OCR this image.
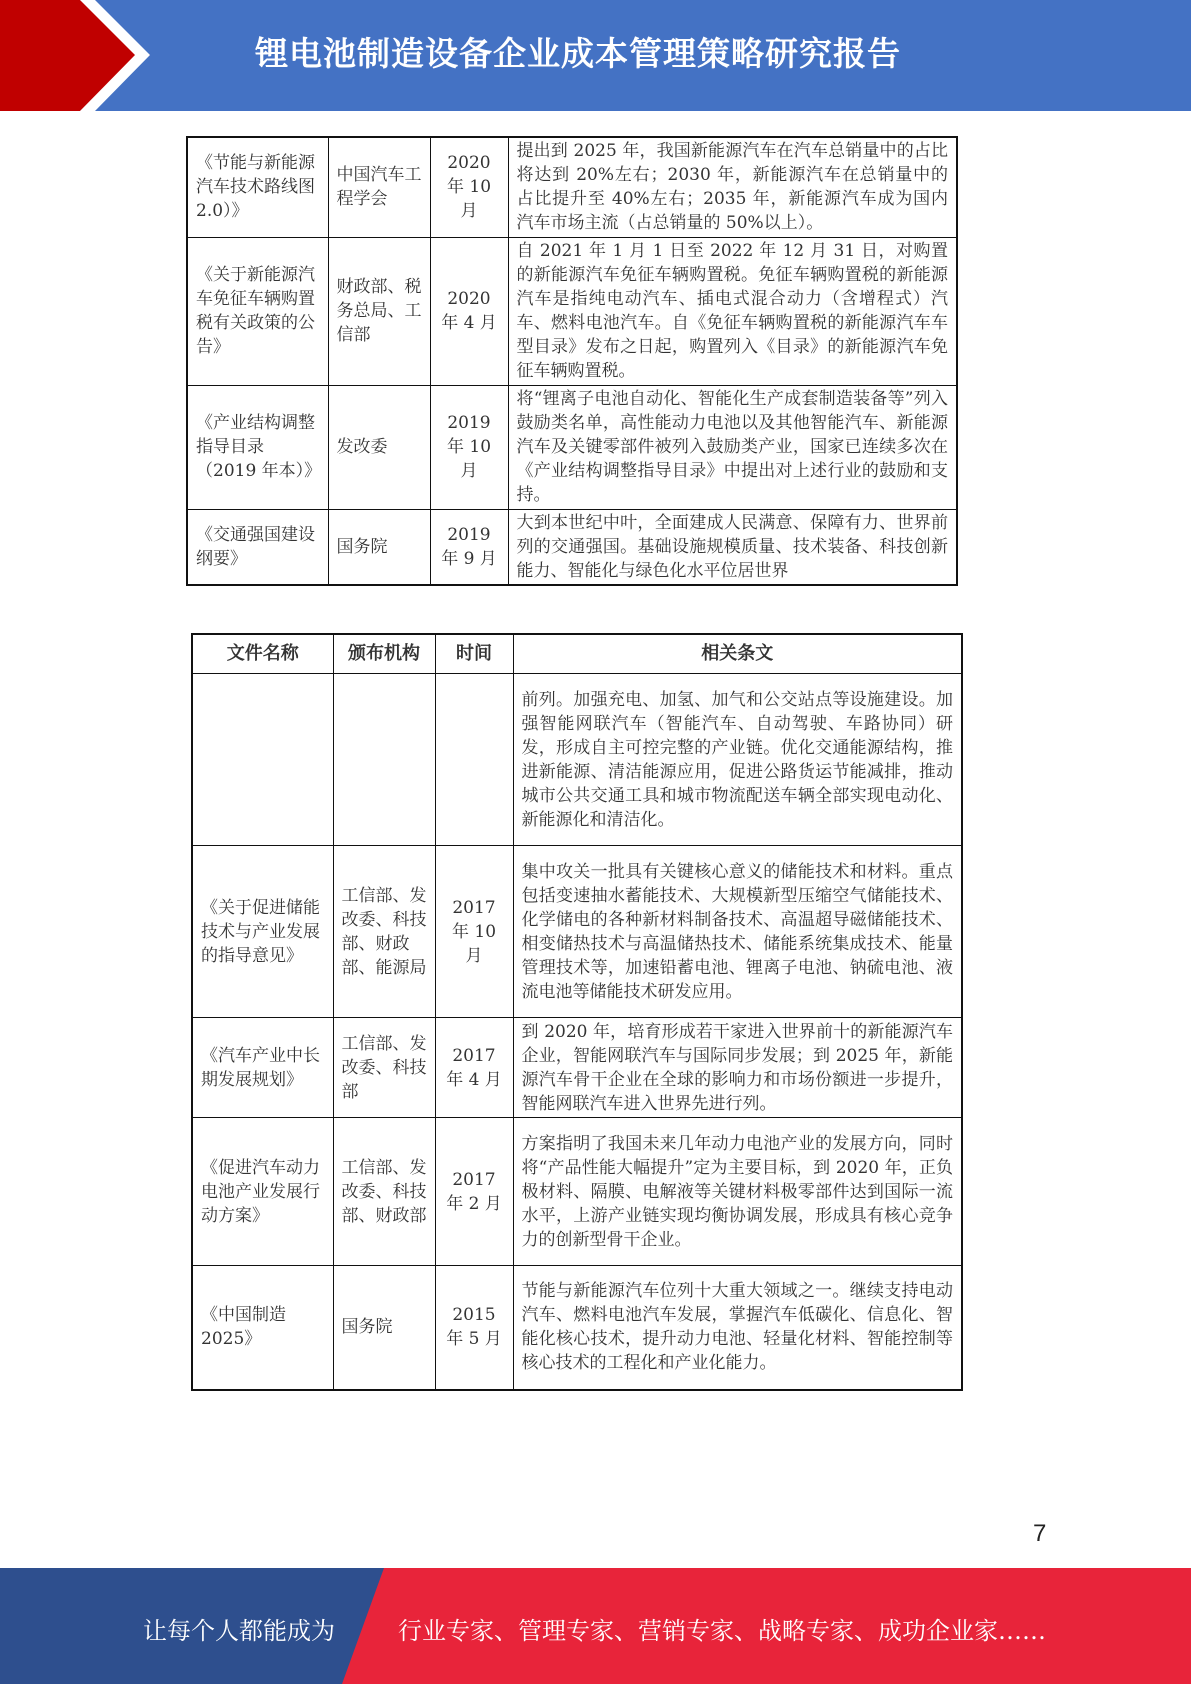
锂电池制造设备企业成本管理策略研究报告
《节能与新能源汽车技术路线图 2.0）》	中国汽车工程学会	2020 年 10 月	提出到 2025 年，我国新能源汽车在汽车总销量中的占比将达到 20%左右；2030 年，新能源汽车在总销量中的占比提升至 40%左右；2035 年，新能源汽车成为国内汽车市场主流（占总销量的 50%以上）。
《关于新能源汽车免征车辆购置税有关政策的公告》	财政部、税务总局、工信部	2020 年 4 月	自 2021 年 1 月 1 日至 2022 年 12 月 31 日，对购置的新能源汽车免征车辆购置税。免征车辆购置税的新能源汽车是指纯电动汽车、插电式混合动力（含增程式）汽车、燃料电池汽车。自《免征车辆购置税的新能源汽车车型目录》发布之日起，购置列入《目录》的新能源汽车免征车辆购置税。
《产业结构调整指导目录（2019 年本）》	发改委	2019 年 10 月	将“锂离子电池自动化、智能化生产成套制造装备等”列入鼓励类名单，高性能动力电池以及其他智能汽车、新能源汽车及关键零部件被列入鼓励类产业，国家已连续多次在《产业结构调整指导目录》中提出对上述行业的鼓励和支持。
《交通强国建设纲要》	国务院	2019 年 9 月	大到本世纪中叶，全面建成人民满意、保障有力、世界前列的交通强国。基础设施规模质量、技术装备、科技创新能力、智能化与绿色化水平位居世界
文件名称	颁布机构	时间	相关条文
			前列。加强充电、加氢、加气和公交站点等设施建设。加强智能网联汽车（智能汽车、自动驾驶、车路协同）研发，形成自主可控完整的产业链。优化交通能源结构，推进新能源、清洁能源应用，促进公路货运节能减排，推动城市公共交通工具和城市物流配送车辆全部实现电动化、新能源化和清洁化。
《关于促进储能技术与产业发展的指导意见》	工信部、发改委、科技部、财政部、能源局	2017 年 10 月	集中攻关一批具有关键核心意义的储能技术和材料。重点包括变速抽水蓄能技术、大规模新型压缩空气储能技术、化学储电的各种新材料制备技术、高温超导磁储能技术、相变储热技术与高温储热技术、储能系统集成技术、能量管理技术等，加速铅蓄电池、锂离子电池、钠硫电池、液流电池等储能技术研发应用。
《汽车产业中长期发展规划》	工信部、发改委、科技部	2017 年 4 月	到 2020 年，培育形成若干家进入世界前十的新能源汽车企业，智能网联汽车与国际同步发展；到 2025 年，新能源汽车骨干企业在全球的影响力和市场份额进一步提升，智能网联汽车进入世界先进行列。
《促进汽车动力电池产业发展行动方案》	工信部、发改委、科技部、财政部	2017 年 2 月	方案指明了我国未来几年动力电池产业的发展方向，同时将“产品性能大幅提升”定为主要目标，到 2020 年，正负极材料、隔膜、电解液等关键材料极零部件达到国际一流水平，上游产业链实现均衡协调发展，形成具有核心竞争力的创新型骨干企业。
《中国制造 2025》	国务院	2015 年 5 月	节能与新能源汽车位列十大重大领域之一。继续支持电动汽车、燃料电池汽车发展，掌握汽车低碳化、信息化、智能化核心技术，提升动力电池、轻量化材料、智能控制等核心技术的工程化和产业化能力。
7
让每个人都能成为	行业专家、管理专家、营销专家、战略专家、成功企业家……
